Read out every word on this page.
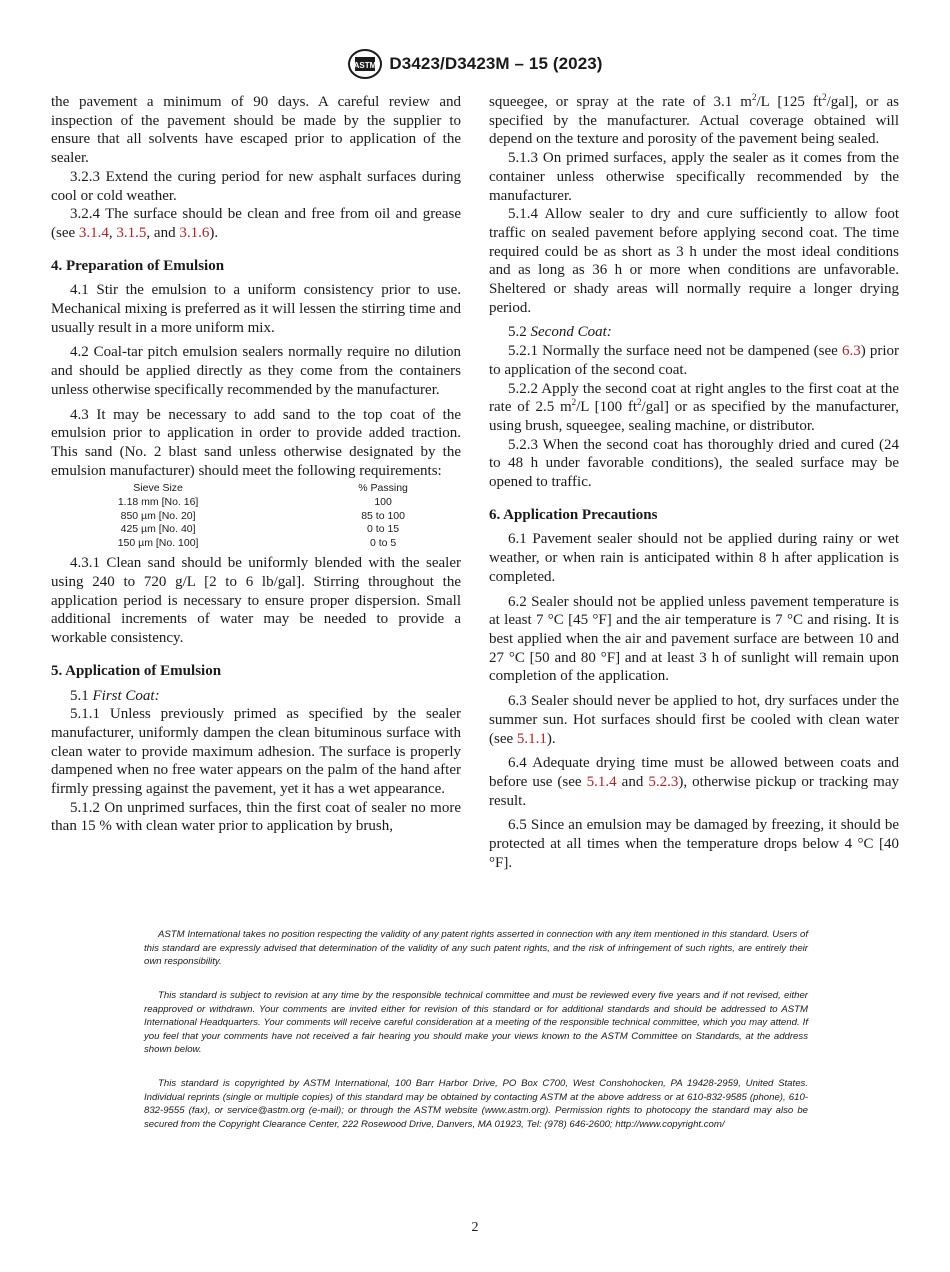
ASTM D3423/D3423M – 15 (2023)

the pavement a minimum of 90 days. A careful review and inspection of the pavement should be made by the supplier to ensure that all solvents have escaped prior to application of the sealer.

3.2.3 Extend the curing period for new asphalt surfaces during cool or cold weather.

3.2.4 The surface should be clean and free from oil and grease (see 3.1.4, 3.1.5, and 3.1.6).

4. Preparation of Emulsion

4.1 Stir the emulsion to a uniform consistency prior to use. Mechanical mixing is preferred as it will lessen the stirring time and usually result in a more uniform mix.

4.2 Coal-tar pitch emulsion sealers normally require no dilution and should be applied directly as they come from the containers unless otherwise specifically recommended by the manufacturer.

4.3 It may be necessary to add sand to the top coat of the emulsion prior to application in order to provide added traction. This sand (No. 2 blast sand unless otherwise designated by the emulsion manufacturer) should meet the following requirements:

Sieve Size	% Passing
1.18 mm [No. 16]	100
850 µm [No. 20]	85 to 100
425 µm [No. 40]	0 to 15
150 µm [No. 100]	0 to 5

4.3.1 Clean sand should be uniformly blended with the sealer using 240 to 720 g/L [2 to 6 lb/gal]. Stirring throughout the application period is necessary to ensure proper dispersion. Small additional increments of water may be needed to provide a workable consistency.

5. Application of Emulsion

5.1 First Coat:

5.1.1 Unless previously primed as specified by the sealer manufacturer, uniformly dampen the clean bituminous surface with clean water to provide maximum adhesion. The surface is properly dampened when no free water appears on the palm of the hand after firmly pressing against the pavement, yet it has a wet appearance.

5.1.2 On unprimed surfaces, thin the first coat of sealer no more than 15 % with clean water prior to application by brush,

squeegee, or spray at the rate of 3.1 $m^2/L$ [125 $ft^2/gal$], or as specified by the manufacturer. Actual coverage obtained will depend on the texture and porosity of the pavement being sealed.

5.1.3 On primed surfaces, apply the sealer as it comes from the container unless otherwise specifically recommended by the manufacturer.

5.1.4 Allow sealer to dry and cure sufficiently to allow foot traffic on sealed pavement before applying second coat. The time required could be as short as 3 h under the most ideal conditions and as long as 36 h or more when conditions are unfavorable. Sheltered or shady areas will normally require a longer drying period.

5.2 Second Coat:

5.2.1 Normally the surface need not be dampened (see 6.3) prior to application of the second coat.

5.2.2 Apply the second coat at right angles to the first coat at the rate of 2.5 $m^2/L$ [100 $ft^2/gal$] or as specified by the manufacturer, using brush, squeegee, sealing machine, or distributor.

5.2.3 When the second coat has thoroughly dried and cured (24 to 48 h under favorable conditions), the sealed surface may be opened to traffic.

6. Application Precautions

6.1 Pavement sealer should not be applied during rainy or wet weather, or when rain is anticipated within 8 h after application is completed.

6.2 Sealer should not be applied unless pavement temperature is at least 7 °C [45 °F] and the air temperature is 7 °C and rising. It is best applied when the air and pavement surface are between 10 and 27 °C [50 and 80 °F] and at least 3 h of sunlight will remain upon completion of the application.

6.3 Sealer should never be applied to hot, dry surfaces under the summer sun. Hot surfaces should first be cooled with clean water (see 5.1.1).

6.4 Adequate drying time must be allowed between coats and before use (see 5.1.4 and 5.2.3), otherwise pickup or tracking may result.

6.5 Since an emulsion may be damaged by freezing, it should be protected at all times when the temperature drops below 4 °C [40 °F].

ASTM International takes no position respecting the validity of any patent rights asserted in connection with any item mentioned in this standard. Users of this standard are expressly advised that determination of the validity of any such patent rights, and the risk of infringement of such rights, are entirely their own responsibility.

This standard is subject to revision at any time by the responsible technical committee and must be reviewed every five years and if not revised, either reapproved or withdrawn. Your comments are invited either for revision of this standard or for additional standards and should be addressed to ASTM International Headquarters. Your comments will receive careful consideration at a meeting of the responsible technical committee, which you may attend. If you feel that your comments have not received a fair hearing you should make your views known to the ASTM Committee on Standards, at the address shown below.

This standard is copyrighted by ASTM International, 100 Barr Harbor Drive, PO Box C700, West Conshohocken, PA 19428-2959, United States. Individual reprints (single or multiple copies) of this standard may be obtained by contacting ASTM at the above address or at 610-832-9585 (phone), 610-832-9555 (fax), or service@astm.org (e-mail); or through the ASTM website (www.astm.org). Permission rights to photocopy the standard may also be secured from the Copyright Clearance Center, 222 Rosewood Drive, Danvers, MA 01923, Tel: (978) 646-2600; http://www.copyright.com/

2
